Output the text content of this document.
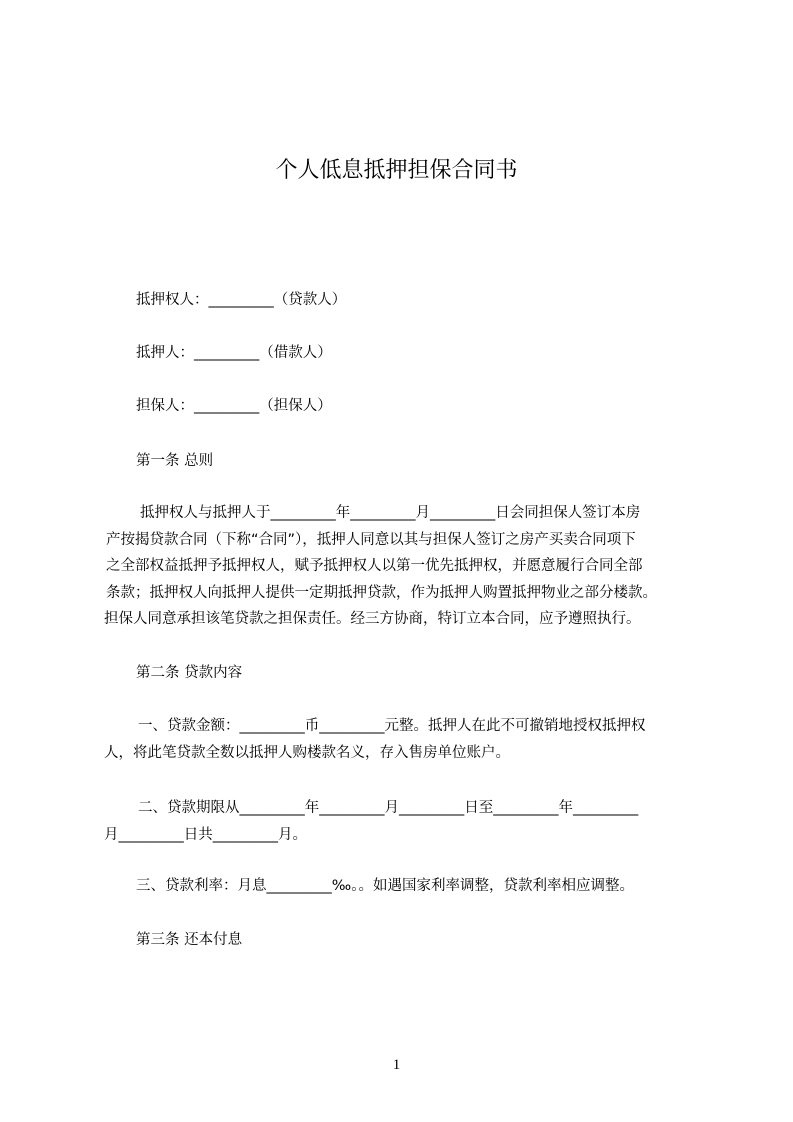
个人低息抵押担保合同书
抵押权人：_________（贷款人）
抵押人：_________（借款人）
担保人：_________（担保人）
第一条 总则
抵押权人与抵押人于_________年_________月_________日会同担保人签订本房
产按揭贷款合同（下称“合同”），抵押人同意以其与担保人签订之房产买卖合同项下
之全部权益抵押予抵押权人，赋予抵押权人以第一优先抵押权，并愿意履行合同全部
条款；抵押权人向抵押人提供一定期抵押贷款，作为抵押人购置抵押物业之部分楼款。
担保人同意承担该笔贷款之担保责任。经三方协商，特订立本合同，应予遵照执行。
第二条 贷款内容
一、贷款金额：_________币_________元整。抵押人在此不可撤销地授权抵押权
人，将此笔贷款全数以抵押人购楼款名义，存入售房单位账户。
二、贷款期限从_________年_________月_________日至_________年_________
月_________日共_________月。
三、贷款利率：月息_________‰。。如遇国家利率调整，贷款利率相应调整。
第三条 还本付息
1
